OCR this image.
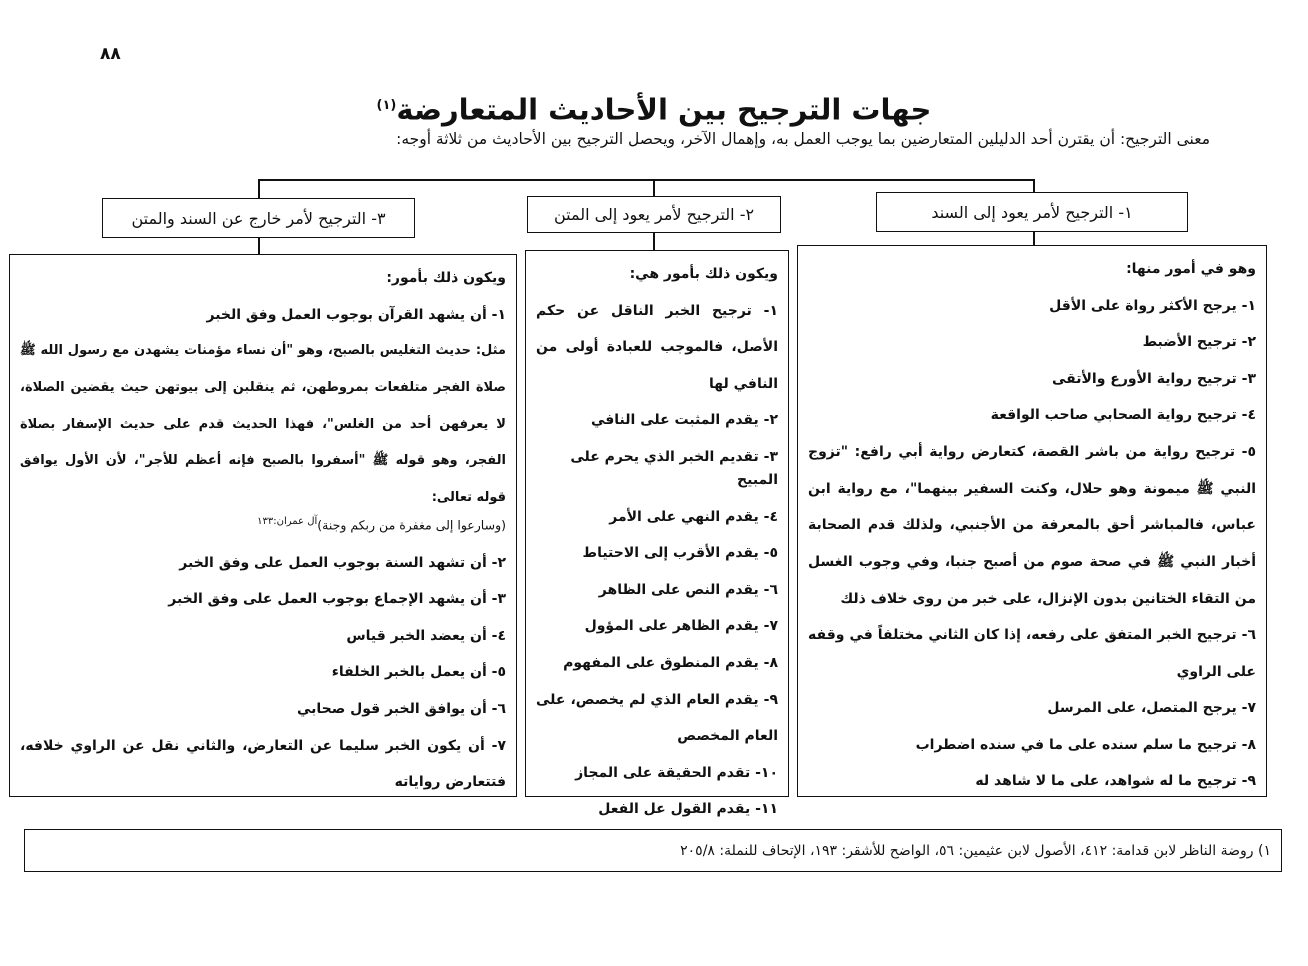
٨٨
جهات الترجيح بين الأحاديث المتعارضة$^{(١)}$
معنى الترجيح: أن يقترن أحد الدليلين المتعارضين بما يوجب العمل به، وإهمال الآخر، ويحصل الترجيح بين الأحاديث من ثلاثة أوجه:
١- الترجيح لأمر يعود إلى السند
٢- الترجيح لأمر يعود إلى المتن
٣- الترجيح لأمر خارج عن السند والمتن
وهو في أمور منها:
١- يرجح الأكثر رواة على الأقل
٢- ترجيح الأضبط
٣- ترجيح رواية الأورع والأتقى
٤- ترجيح رواية الصحابي صاحب الواقعة
٥- ترجيح رواية من باشر القصة، كتعارض رواية أبي رافع: "تزوج النبي ﷺ ميمونة وهو حلال، وكنت السفير بينهما"، مع رواية ابن عباس، فالمباشر أحق بالمعرفة من الأجنبي، ولذلك قدم الصحابة أخبار النبي ﷺ في صحة صوم من أصبح جنبا، وفي وجوب الغسل من التقاء الختانين بدون الإنزال، على خبر من روى خلاف ذلك
٦- ترجيح الخبر المتفق على رفعه، إذا كان الثاني مختلفاً في وقفه على الراوي
٧- يرجح المتصل، على المرسل
٨- ترجيح ما سلم سنده على ما في سنده اضطراب
٩- ترجيح ما له شواهد، على ما لا شاهد له
ويكون ذلك بأمور هي:
١- ترجيح الخبر الناقل عن حكم الأصل، فالموجب للعبادة أولى من النافي لها
٢- يقدم المثبت على النافي
٣- تقديم الخبر الذي يحرم على المبيح
٤- يقدم النهي على الأمر
٥- يقدم الأقرب إلى الاحتياط
٦- يقدم النص على الظاهر
٧- يقدم الظاهر على المؤول
٨- يقدم المنطوق على المفهوم
٩- يقدم العام الذي لم يخصص، على العام المخصص
١٠- تقدم الحقيقة على المجاز
١١- يقدم القول عل الفعل
ويكون ذلك بأمور:
١- أن يشهد القرآن بوجوب العمل وفق الخبر
مثل: حديث التغليس بالصبح، وهو "أن نساء مؤمنات يشهدن مع رسول الله ﷺ صلاة الفجر متلفعات بمروطهن، ثم ينقلبن إلى بيوتهن حيث يقضين الصلاة، لا يعرفهن أحد من الغلس"، فهذا الحديث قدم على حديث الإسفار بصلاة الفجر، وهو قوله ﷺ "أسفروا بالصبح فإنه أعظم للأجر"، لأن الأول يوافق قوله تعالى:
(وسارعوا إلى مغفرة من ربكم وجنة)$^{آل عمران:١٣٣}$
٢- أن تشهد السنة بوجوب العمل على وفق الخبر
٣- أن يشهد الإجماع بوجوب العمل على وفق الخبر
٤- أن يعضد الخبر قياس
٥- أن يعمل بالخبر الخلفاء
٦- أن يوافق الخبر قول صحابي
٧- أن يكون الخبر سليما عن التعارض، والثاني نقل عن الراوي خلافه، فتتعارض رواياته
١) روضة الناظر لابن قدامة: ٤١٢، الأصول لابن عثيمين: ٥٦، الواضح للأشقر: ١٩٣، الإتحاف للنملة: ٢٠٥/٨
